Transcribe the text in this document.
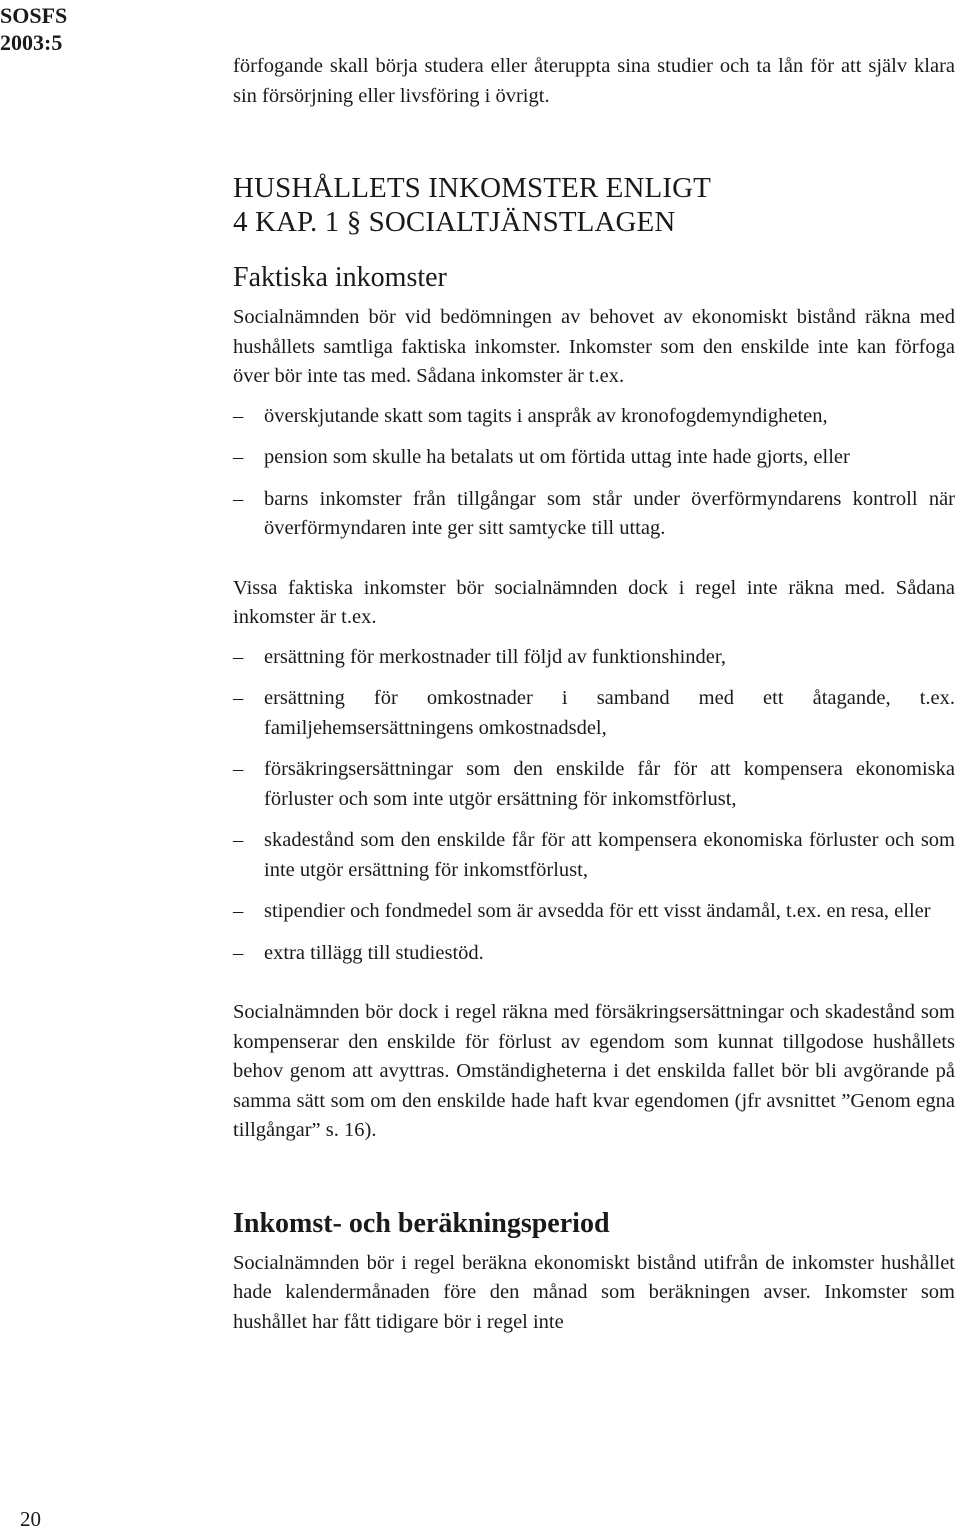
SOSFS
2003:5

förfogande skall börja studera eller återuppta sina studier och ta lån för att själv klara sin försörjning eller livsföring i övrigt.

HUSHÅLLETS INKOMSTER ENLIGT
4 KAP. 1 § SOCIALTJÄNSTLAGEN

Faktiska inkomster

Socialnämnden bör vid bedömningen av behovet av ekonomiskt bistånd räkna med hushållets samtliga faktiska inkomster. Inkomster som den enskilde inte kan förfoga över bör inte tas med. Sådana inkomster är t.ex.

– överskjutande skatt som tagits i anspråk av kronofogdemyndigheten,
– pension som skulle ha betalats ut om förtida uttag inte hade gjorts, eller
– barns inkomster från tillgångar som står under överförmyndarens kontroll när överförmyndaren inte ger sitt samtycke till uttag.

Vissa faktiska inkomster bör socialnämnden dock i regel inte räkna med. Sådana inkomster är t.ex.

– ersättning för merkostnader till följd av funktionshinder,
– ersättning för omkostnader i samband med ett åtagande, t.ex. familjehemsersättningens omkostnadsdel,
– försäkringsersättningar som den enskilde får för att kompensera ekonomiska förluster och som inte utgör ersättning för inkomstförlust,
– skadestånd som den enskilde får för att kompensera ekonomiska förluster och som inte utgör ersättning för inkomstförlust,
– stipendier och fondmedel som är avsedda för ett visst ändamål, t.ex. en resa, eller
– extra tillägg till studiestöd.

Socialnämnden bör dock i regel räkna med försäkringsersättningar och skadestånd som kompenserar den enskilde för förlust av egendom som kunnat tillgodose hushållets behov genom att avyttras. Omständigheterna i det enskilda fallet bör bli avgörande på samma sätt som om den enskilde hade haft kvar egendomen (jfr avsnittet ”Genom egna tillgångar” s. 16).

Inkomst- och beräkningsperiod

Socialnämnden bör i regel beräkna ekonomiskt bistånd utifrån de inkomster hushållet hade kalendermånaden före den månad som beräkningen avser. Inkomster som hushållet har fått tidigare bör i regel inte

20
